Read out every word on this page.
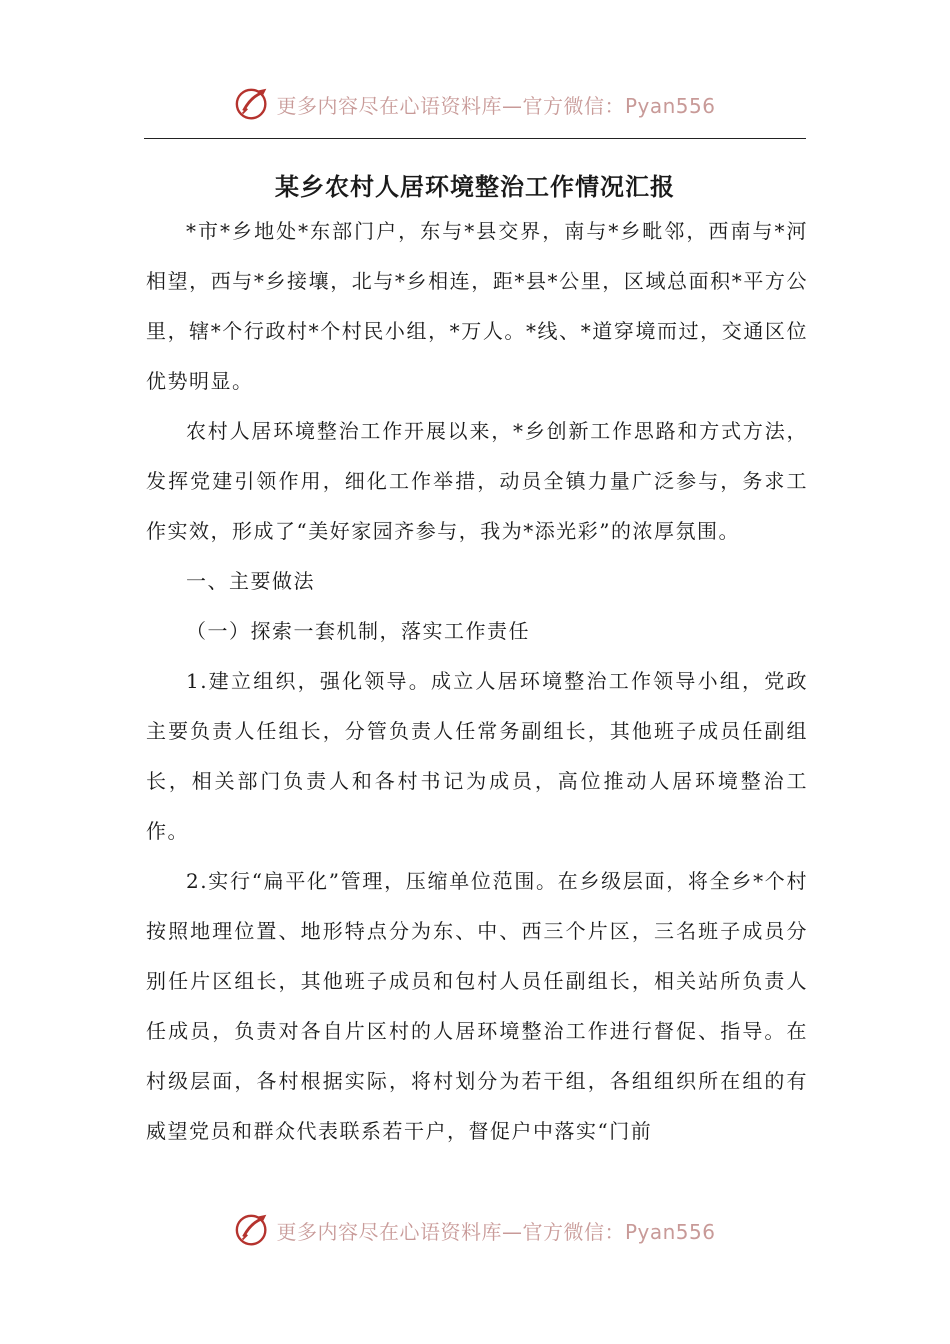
更多内容尽在心语资料库—官方微信：Pyan556
某乡农村人居环境整治工作情况汇报

*市*乡地处*东部门户，东与*县交界，南与*乡毗邻，西南与*河相望，西与*乡接壤，北与*乡相连，距*县*公里，区域总面积*平方公里，辖*个行政村*个村民小组，*万人。*线、*道穿境而过，交通区位优势明显。

农村人居环境整治工作开展以来，*乡创新工作思路和方式方法，发挥党建引领作用，细化工作举措，动员全镇力量广泛参与，务求工作实效，形成了“美好家园齐参与，我为*添光彩”的浓厚氛围。

一、主要做法

（一）探索一套机制，落实工作责任

1.建立组织，强化领导。成立人居环境整治工作领导小组，党政主要负责人任组长，分管负责人任常务副组长，其他班子成员任副组长，相关部门负责人和各村书记为成员，高位推动人居环境整治工作。

2.实行“扁平化”管理，压缩单位范围。在乡级层面，将全乡*个村按照地理位置、地形特点分为东、中、西三个片区，三名班子成员分别任片区组长，其他班子成员和包村人员任副组长，相关站所负责人任成员，负责对各自片区村的人居环境整治工作进行督促、指导。在村级层面，各村根据实际，将村划分为若干组，各组组织所在组的有威望党员和群众代表联系若干户，督促户中落实“门前

更多内容尽在心语资料库—官方微信：Pyan556
